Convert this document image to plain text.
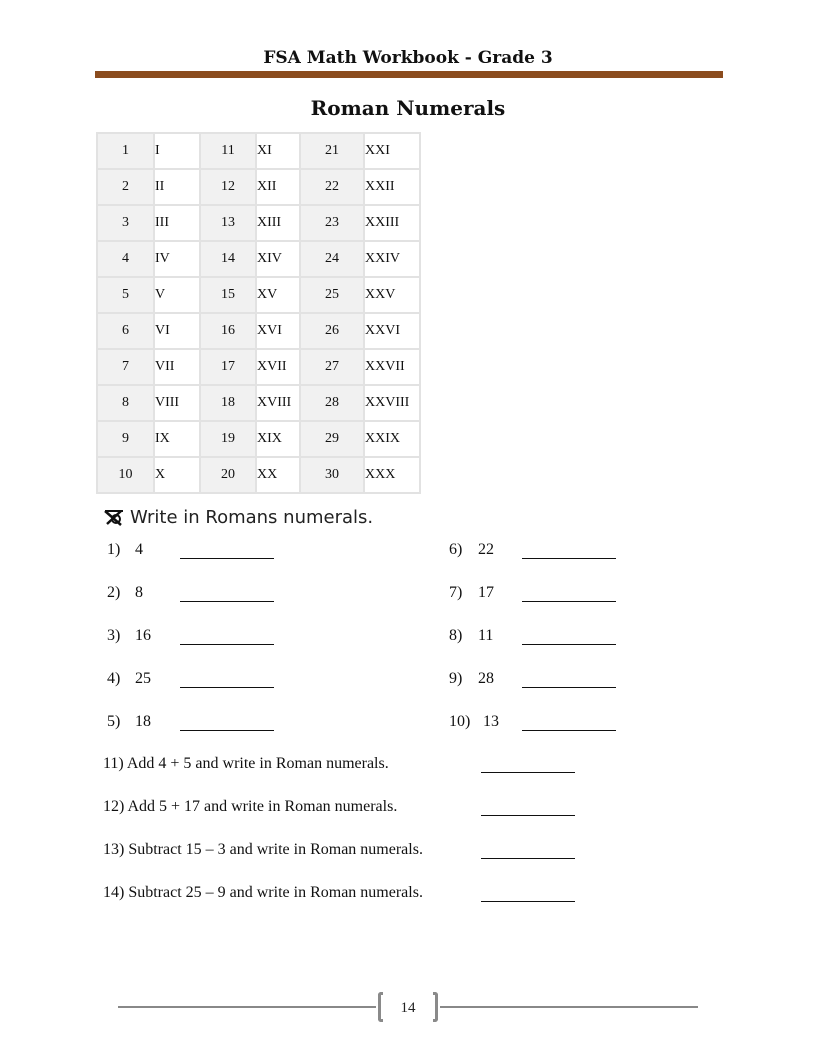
FSA Math Workbook - Grade 3
Roman Numerals
1	I	11	XI	21	XXI
2	II	12	XII	22	XXII
3	III	13	XIII	23	XXIII
4	IV	14	XIV	24	XXIV
5	V	15	XV	25	XXV
6	VI	16	XVI	26	XXVI
7	VII	17	XVII	27	XXVII
8	VIII	18	XVIII	28	XXVIII
9	IX	19	XIX	29	XXIX
10	X	20	XX	30	XXX
Write in Romans numerals.
1) 4
2) 8
3) 16
4) 25
5) 18
6) 22
7) 17
8) 11
9) 28
10) 13
11) Add 4 + 5 and write in Roman numerals.
12) Add 5 + 17 and write in Roman numerals.
13) Subtract 15 – 3 and write in Roman numerals.
14) Subtract 25 – 9 and write in Roman numerals.
14
